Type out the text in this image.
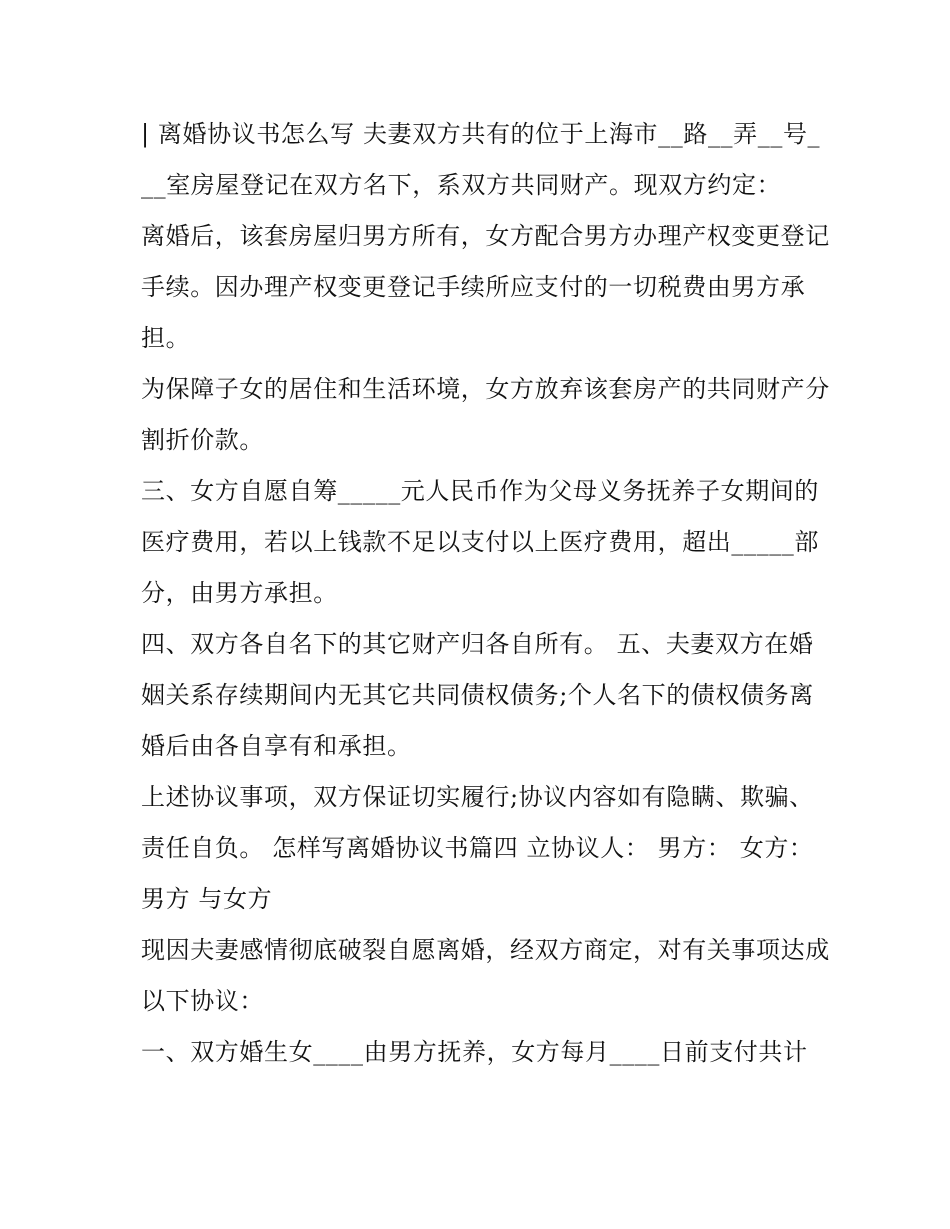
| 离婚协议书怎么写 夫妻双方共有的位于上海市__路__弄__号___室房屋登记在双方名下，系双方共同财产。现双方约定：

离婚后，该套房屋归男方所有，女方配合男方办理产权变更登记手续。因办理产权变更登记手续所应支付的一切税费由男方承担。

为保障子女的居住和生活环境，女方放弃该套房产的共同财产分割折价款。

三、女方自愿自筹_____元人民币作为父母义务抚养子女期间的医疗费用，若以上钱款不足以支付以上医疗费用，超出_____部分，由男方承担。

四、双方各自名下的其它财产归各自所有。 五、夫妻双方在婚姻关系存续期间内无其它共同债权债务;个人名下的债权债务离婚后由各自享有和承担。

上述协议事项，双方保证切实履行;协议内容如有隐瞒、欺骗、责任自负。 怎样写离婚协议书篇四 立协议人： 男方： 女方： 男方 与女方

现因夫妻感情彻底破裂自愿离婚，经双方商定，对有关事项达成以下协议：

一、双方婚生女____由男方抚养，女方每月____日前支付共计
